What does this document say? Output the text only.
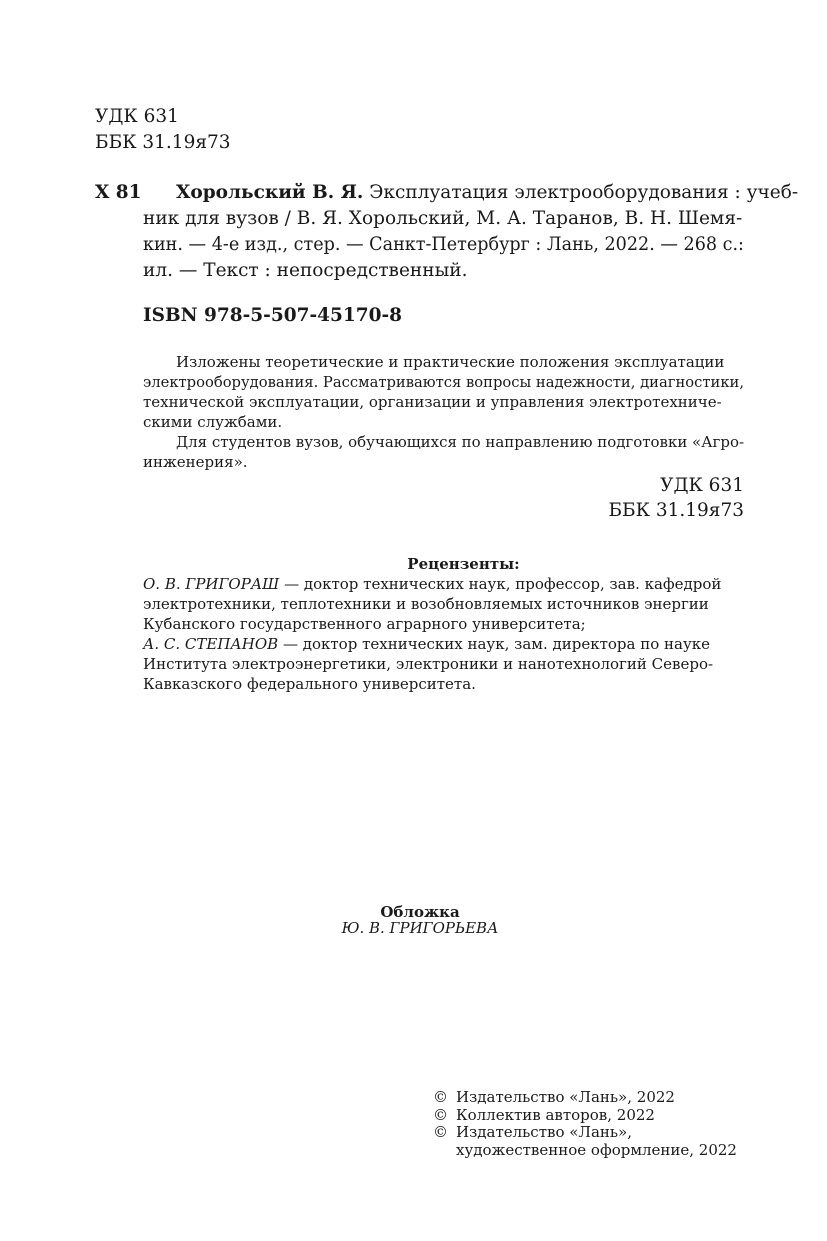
УДК 631
ББК 31.19я73
Х 81 Хорольский В. Я. Эксплуатация электрооборудования : учеб-
ник для вузов / В. Я. Хорольский, М. А. Таранов, В. Н. Шемя-
кин. — 4-е изд., стер. — Санкт-Петербург : Лань, 2022. — 268 с.:
ил. — Текст : непосредственный.
ISBN 978-5-507-45170-8
Изложены теоретические и практические положения эксплуатации
электрооборудования. Рассматриваются вопросы надежности, диагностики,
технической эксплуатации, организации и управления электротехниче-
скими службами.
Для студентов вузов, обучающихся по направлению подготовки «Агро-
инженерия».
УДК 631
ББК 31.19я73
Рецензенты:
О. В. ГРИГОРАШ — доктор технических наук, профессор, зав. кафедрой
электротехники, теплотехники и возобновляемых источников энергии
Кубанского государственного аграрного университета;
А. С. СТЕПАНОВ — доктор технических наук, зам. директора по науке
Института электроэнергетики, электроники и нанотехнологий Северо-
Кавказского федерального университета.
Обложка
Ю. В. ГРИГОРЬЕВА
© Издательство «Лань», 2022
© Коллектив авторов, 2022
© Издательство «Лань»,
художественное оформление, 2022
